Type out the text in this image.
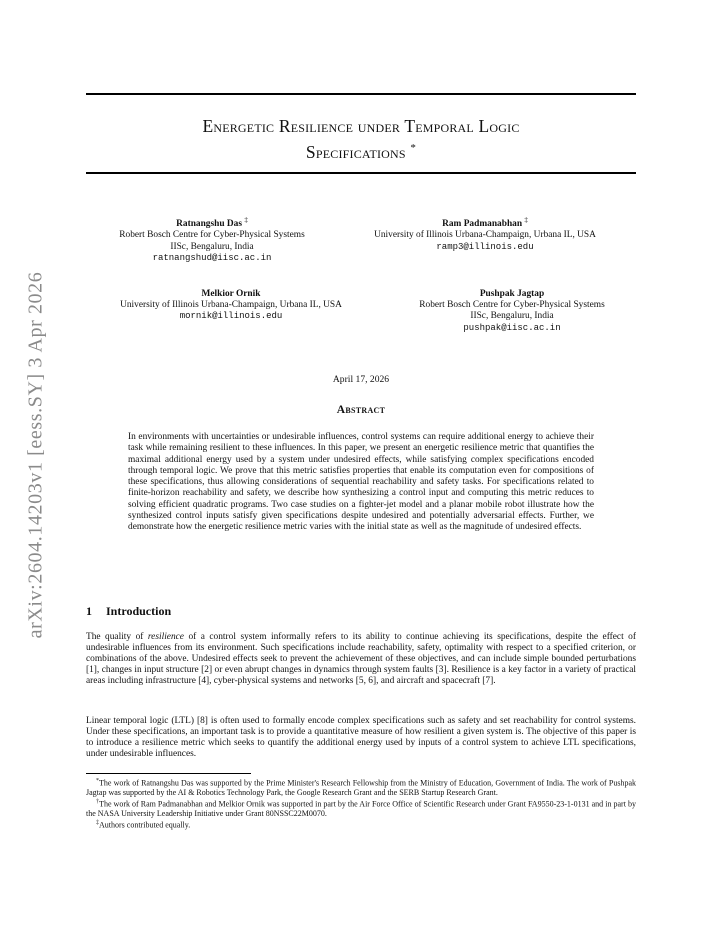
arXiv:2604.14203v1 [eess.SY] 3 Apr 2026
Energetic Resilience under Temporal Logic
Specifications *
Ratnangshu Das ‡
Robert Bosch Centre for Cyber-Physical Systems
IISc, Bengaluru, India
ratnangshud@iisc.ac.in
Ram Padmanabhan ‡
University of Illinois Urbana-Champaign, Urbana IL, USA
ramp3@illinois.edu
Melkior Ornik
University of Illinois Urbana-Champaign, Urbana IL, USA
mornik@illinois.edu
Pushpak Jagtap
Robert Bosch Centre for Cyber-Physical Systems
IISc, Bengaluru, India
pushpak@iisc.ac.in
April 17, 2026
Abstract
In environments with uncertainties or undesirable influences, control systems can require additional energy to achieve their task while remaining resilient to these influences. In this paper, we present an energetic resilience metric that quantifies the maximal additional energy used by a system under undesired effects, while satisfying complex specifications encoded through temporal logic. We prove that this metric satisfies properties that enable its computation even for compositions of these specifications, thus allowing considerations of sequential reachability and safety tasks. For specifications related to finite-horizon reachability and safety, we describe how synthesizing a control input and computing this metric reduces to solving efficient quadratic programs. Two case studies on a fighter-jet model and a planar mobile robot illustrate how the synthesized control inputs satisfy given specifications despite undesired and potentially adversarial effects. Further, we demonstrate how the energetic resilience metric varies with the initial state as well as the magnitude of undesired effects.
1 Introduction
The quality of resilience of a control system informally refers to its ability to continue achieving its specifications, despite the effect of undesirable influences from its environment. Such specifications include reachability, safety, optimality with respect to a specified criterion, or combinations of the above. Undesired effects seek to prevent the achievement of these objectives, and can include simple bounded perturbations [1], changes in input structure [2] or even abrupt changes in dynamics through system faults [3]. Resilience is a key factor in a variety of practical areas including infrastructure [4], cyber-physical systems and networks [5, 6], and aircraft and spacecraft [7].
Linear temporal logic (LTL) [8] is often used to formally encode complex specifications such as safety and set reachability for control systems. Under these specifications, an important task is to provide a quantitative measure of how resilient a given system is. The objective of this paper is to introduce a resilience metric which seeks to quantify the additional energy used by inputs of a control system to achieve LTL specifications, under undesirable influences.
*The work of Ratnangshu Das was supported by the Prime Minister's Research Fellowship from the Ministry of Education, Government of India. The work of Pushpak Jagtap was supported by the AI & Robotics Technology Park, the Google Research Grant and the SERB Startup Research Grant.
†The work of Ram Padmanabhan and Melkior Ornik was supported in part by the Air Force Office of Scientific Research under Grant FA9550-23-1-0131 and in part by the NASA University Leadership Initiative under Grant 80NSSC22M0070.
‡Authors contributed equally.
